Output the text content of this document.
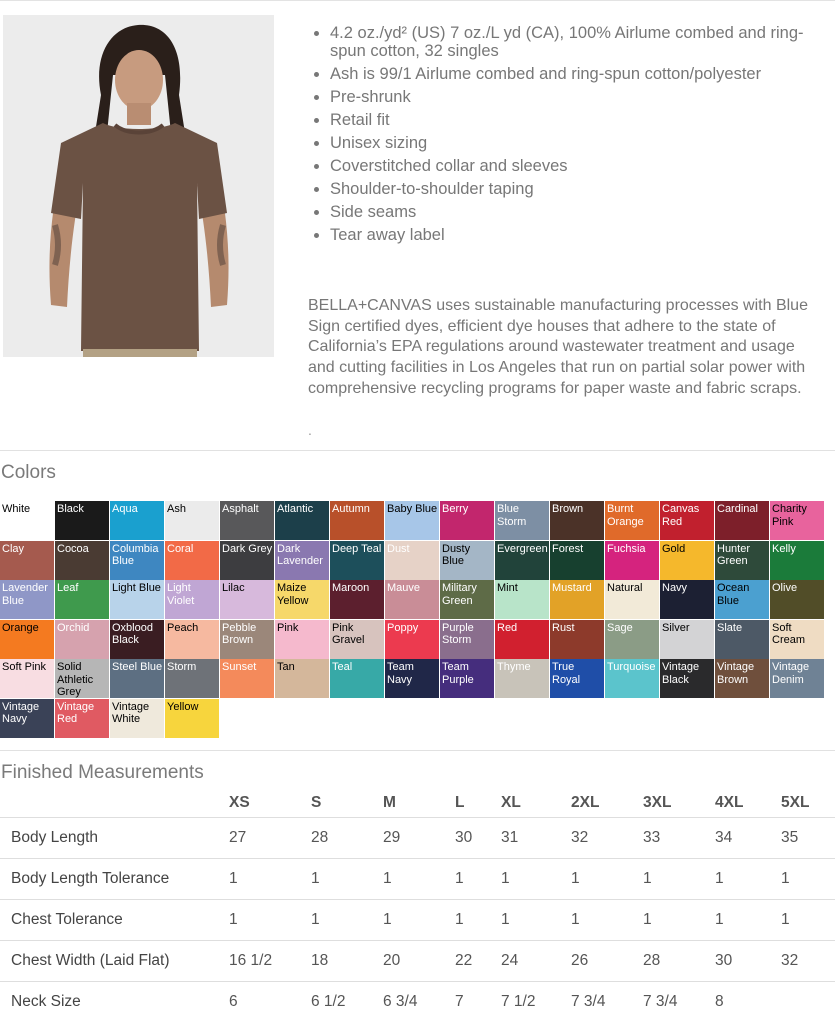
• 4.2 oz./yd² (US) 7 oz./L yd (CA), 100% Airlume combed and ring-spun cotton, 32 singles
• Ash is 99/1 Airlume combed and ring-spun cotton/polyester
• Pre-shrunk
• Retail fit
• Unisex sizing
• Coverstitched collar and sleeves
• Shoulder-to-shoulder taping
• Side seams
• Tear away label

BELLA+CANVAS uses sustainable manufacturing processes with Blue Sign certified dyes, efficient dye houses that adhere to the state of California’s EPA regulations around wastewater treatment and usage and cutting facilities in Los Angeles that run on partial solar power with comprehensive recycling programs for paper waste and fabric scraps.

.
Colors
White	Black	Aqua	Ash	Asphalt	Atlantic	Autumn	Baby Blue Berry	Blue Storm
Brown	Burnt Orange
Canvas Red
Cardinal	Charity Pink
Clay	Cocoa	Columbia Blue
Coral	Dark Grey Dark Lavender
Deep Teal Dust	Dusty Blue
Evergreen Forest	Fuchsia	Gold	Hunter Green
Kelly
Lavender Blue
Leaf	Light Blue Light Violet
Lilac	Maize Yellow
Maroon	Mauve	Military Green
Mint	Mustard	Natural	Navy	Ocean Blue
Olive
Orange	Orchid	Oxblood Black
Peach	Pebble Brown
Pink	Pink Gravel
Poppy	Purple Storm
Red	Rust	Sage	Silver	Slate	Soft Cream
Soft Pink Solid Athletic Grey
Steel Blue Storm	Sunset	Tan	Teal	Team Navy
Team Purple
Thyme	True Royal
Turquoise Vintage Black
Vintage Brown
Vintage Denim
Vintage Navy
Vintage Red
Vintage White
Yellow
Finished Measurements
	XS	S	M	L	XL	2XL	3XL	4XL	5XL
Body Length	27	28	29	30	31	32	33	34	35
Body Length Tolerance	1	1	1	1	1	1	1	1	1
Chest Tolerance	1	1	1	1	1	1	1	1	1
Chest Width (Laid Flat)	16 1/2	18	20	22	24	26	28	30	32
Neck Size	6	6 1/2	6 3/4	7	7 1/2	7 3/4	7 3/4	8	
